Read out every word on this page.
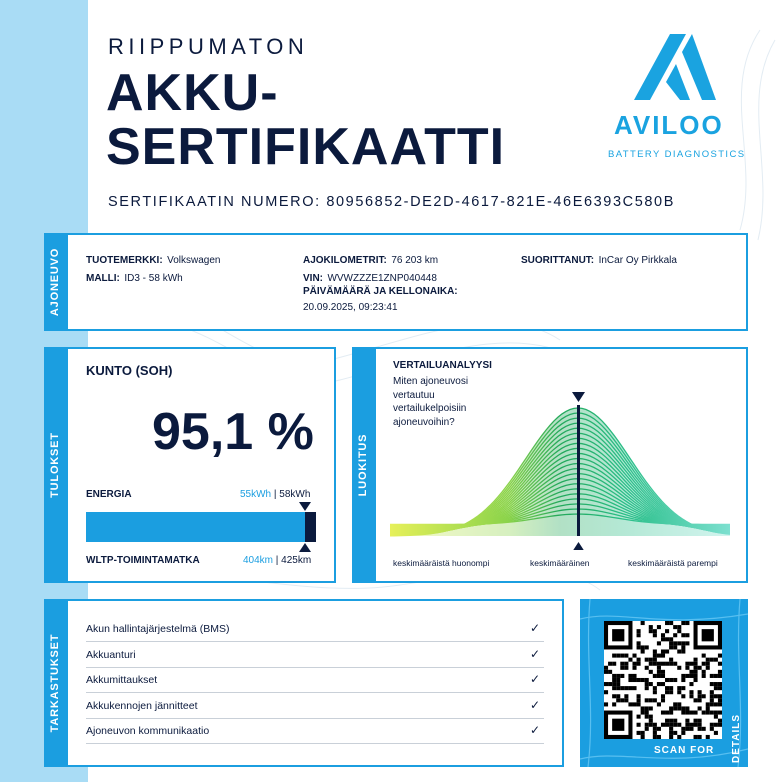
RIIPPUMATON
AKKU-
SERTIFIKAATTI
SERTIFIKAATIN NUMERO: 80956852-DE2D-4617-821E-46E6393C580B
AVILOO
BATTERY DIAGNOSTICS
AJONEUVO	TUOTEMERKKI: Volkswagen
MALLI: ID3 - 58 kWh
AJOKILOMETRIT: 76 203 km
VIN: WVWZZZE1ZNP040448
PÄIVÄMÄÄRÄ JA KELLONAIKA:
20.09.2025, 09:23:41
SUORITTANUT: InCar Oy Pirkkala
TULOKSET
KUNTO (SOH)
95,1 %
ENERGIA	55kWh | 58kWh
WLTP-TOIMINTAMATKA	404km | 425km
LUOKITUS
VERTAILUANALYYSI
Miten ajoneuvosi
vertautuu
vertailukelpoisiin
ajoneuvoihin?
keskimääräistä huonompi	keskimääräinen	keskimääräistä parempi
TARKASTUKSET
Akun hallintajärjestelmä (BMS)	✓
Akkuanturi	✓
Akkumittaukset	✓
Akkukennojen jännitteet	✓
Ajoneuvon kommunikaatio	✓
SCAN FOR DETAILS
